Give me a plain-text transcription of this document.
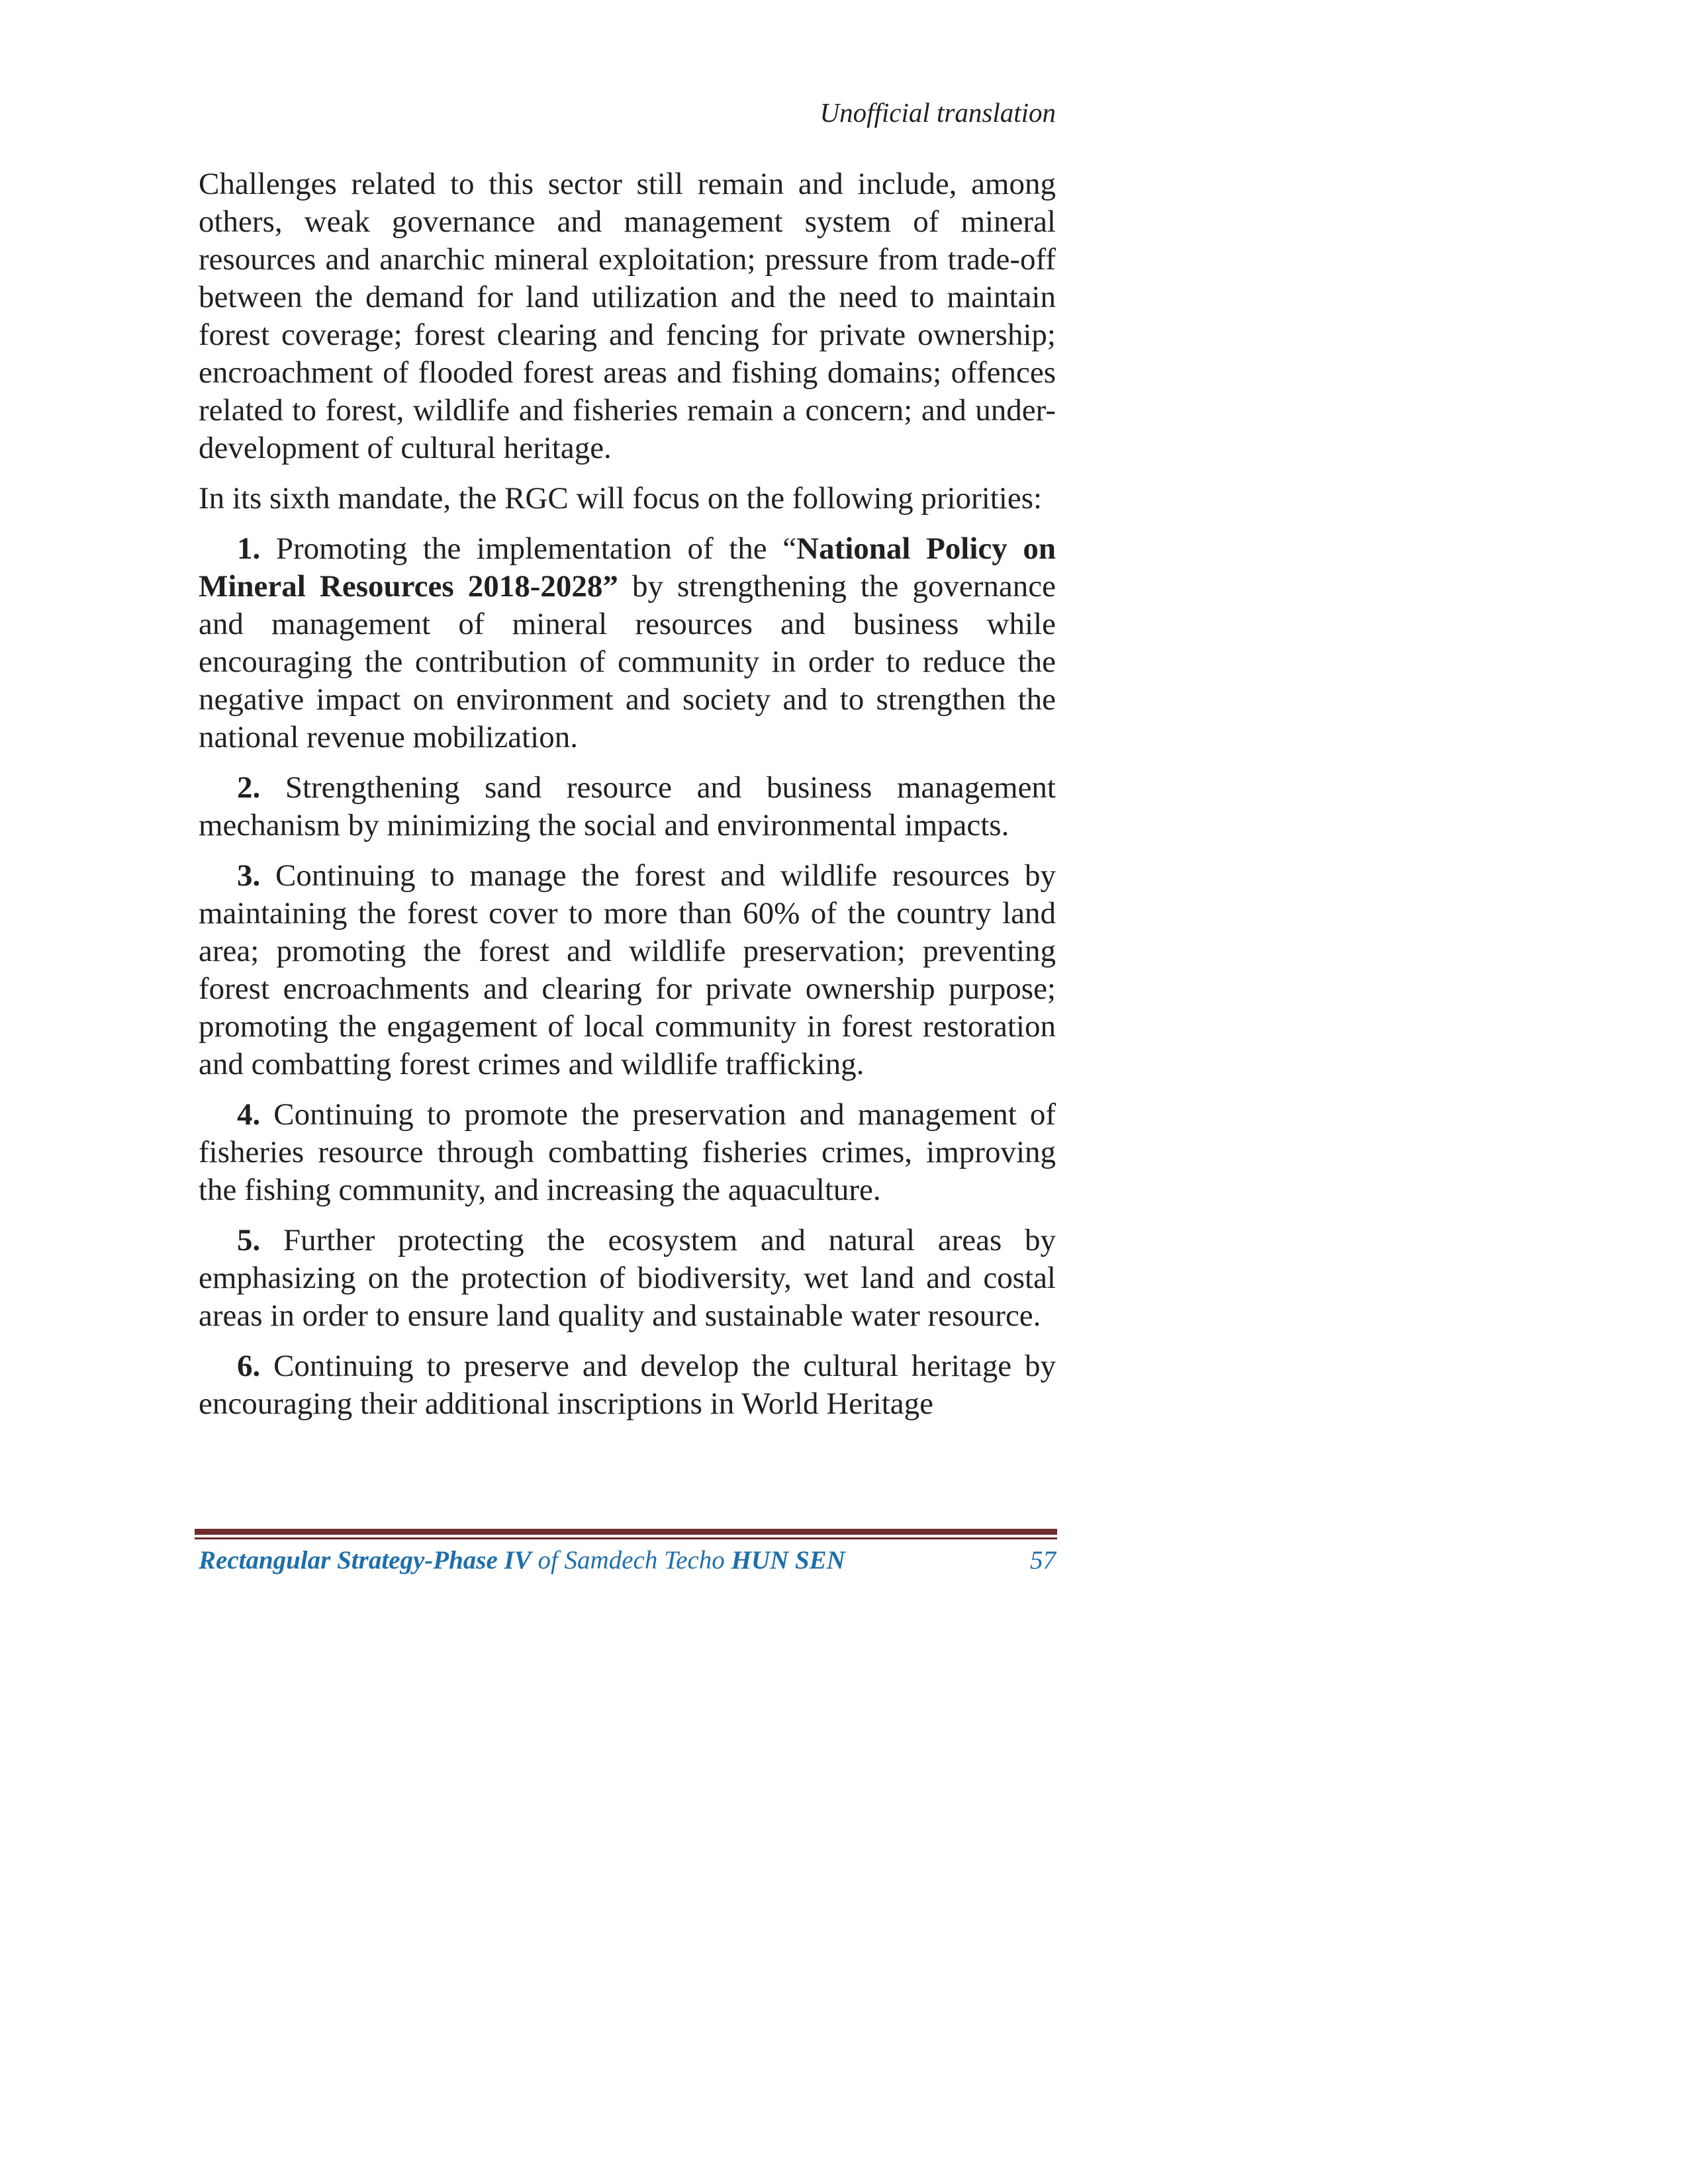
Unofficial translation

Challenges related to this sector still remain and include, among others, weak governance and management system of mineral resources and anarchic mineral exploitation; pressure from trade-off between the demand for land utilization and the need to maintain forest coverage; forest clearing and fencing for private ownership; encroachment of flooded forest areas and fishing domains; offences related to forest, wildlife and fisheries remain a concern; and under-development of cultural heritage.

In its sixth mandate, the RGC will focus on the following priorities:

1. Promoting the implementation of the “National Policy on Mineral Resources 2018-2028” by strengthening the governance and management of mineral resources and business while encouraging the contribution of community in order to reduce the negative impact on environment and society and to strengthen the national revenue mobilization.

2. Strengthening sand resource and business management mechanism by minimizing the social and environmental impacts.

3. Continuing to manage the forest and wildlife resources by maintaining the forest cover to more than 60% of the country land area; promoting the forest and wildlife preservation; preventing forest encroachments and clearing for private ownership purpose; promoting the engagement of local community in forest restoration and combatting forest crimes and wildlife trafficking.

4. Continuing to promote the preservation and management of fisheries resource through combatting fisheries crimes, improving the fishing community, and increasing the aquaculture.

5. Further protecting the ecosystem and natural areas by emphasizing on the protection of biodiversity, wet land and costal areas in order to ensure land quality and sustainable water resource.

6. Continuing to preserve and develop the cultural heritage by encouraging their additional inscriptions in World Heritage

Rectangular Strategy-Phase IV of Samdech Techo HUN SEN	57
